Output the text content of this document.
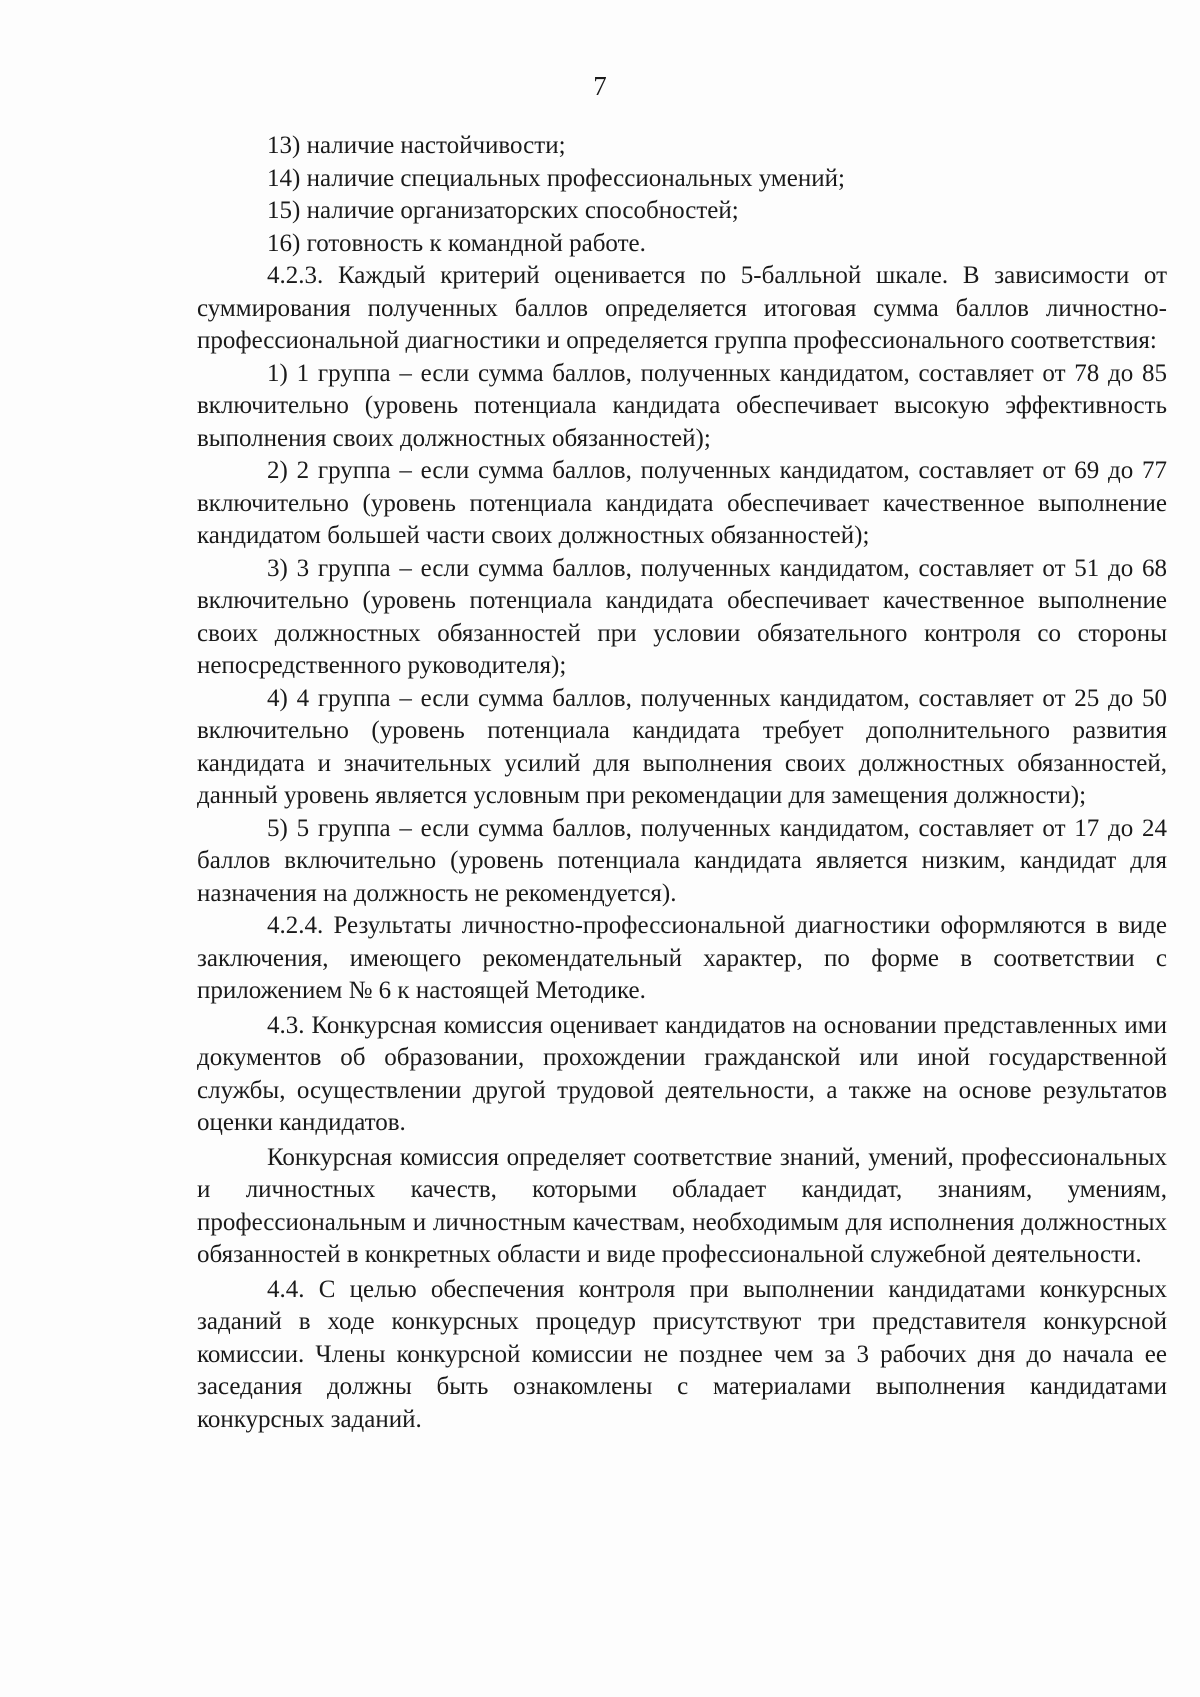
7

13) наличие настойчивости;

14) наличие специальных профессиональных умений;

15) наличие организаторских способностей;

16) готовность к командной работе.

4.2.3. Каждый критерий оценивается по 5-балльной шкале. В зависимости от суммирования полученных баллов определяется итоговая сумма баллов личностно-профессиональной диагностики и определяется группа профессионального соответствия:

1) 1 группа – если сумма баллов, полученных кандидатом, составляет от 78 до 85 включительно (уровень потенциала кандидата обеспечивает высокую эффективность выполнения своих должностных обязанностей);

2) 2 группа – если сумма баллов, полученных кандидатом, составляет от 69 до 77 включительно (уровень потенциала кандидата обеспечивает качественное выполнение кандидатом большей части своих должностных обязанностей);

3) 3 группа – если сумма баллов, полученных кандидатом, составляет от 51 до 68 включительно (уровень потенциала кандидата обеспечивает качественное выполнение своих должностных обязанностей при условии обязательного контроля со стороны непосредственного руководителя);

4) 4 группа – если сумма баллов, полученных кандидатом, составляет от 25 до 50 включительно (уровень потенциала кандидата требует дополнительного развития кандидата и значительных усилий для выполнения своих должностных обязанностей, данный уровень является условным при рекомендации для замещения должности);

5) 5 группа – если сумма баллов, полученных кандидатом, составляет от 17 до 24 баллов включительно (уровень потенциала кандидата является низким, кандидат для назначения на должность не рекомендуется).

4.2.4. Результаты личностно-профессиональной диагностики оформляются в виде заключения, имеющего рекомендательный характер, по форме в соответствии с приложением № 6 к настоящей Методике.

4.3. Конкурсная комиссия оценивает кандидатов на основании представленных ими документов об образовании, прохождении гражданской или иной государственной службы, осуществлении другой трудовой деятельности, а также на основе результатов оценки кандидатов.

Конкурсная комиссия определяет соответствие знаний, умений, профессиональных и личностных качеств, которыми обладает кандидат, знаниям, умениям, профессиональным и личностным качествам, необходимым для исполнения должностных обязанностей в конкретных области и виде профессиональной служебной деятельности.

4.4. С целью обеспечения контроля при выполнении кандидатами конкурсных заданий в ходе конкурсных процедур присутствуют три представителя конкурсной комиссии. Члены конкурсной комиссии не позднее чем за 3 рабочих дня до начала ее заседания должны быть ознакомлены с материалами выполнения кандидатами конкурсных заданий.
